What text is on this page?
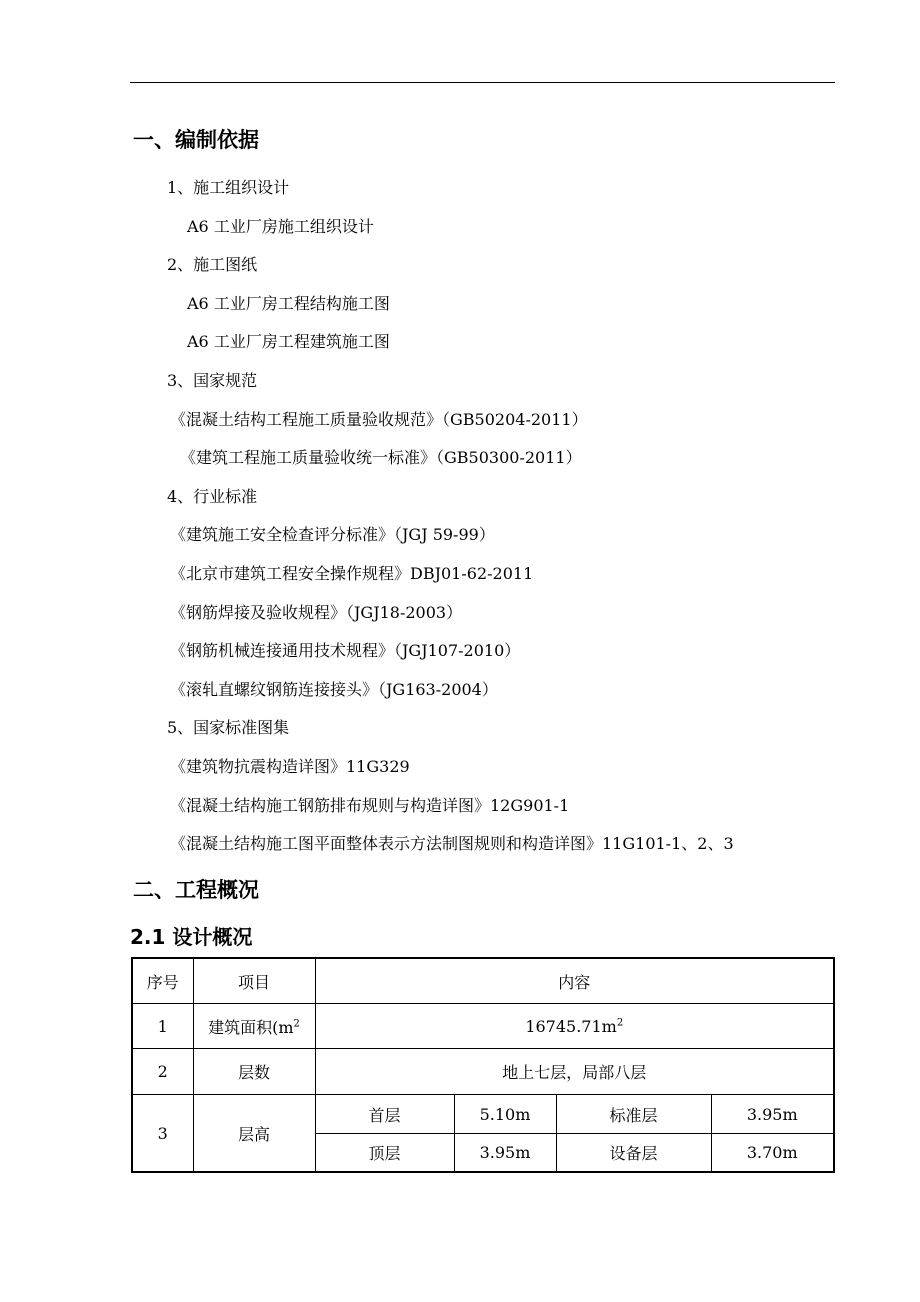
一、编制依据
1、施工组织设计
A6 工业厂房施工组织设计
2、施工图纸
A6 工业厂房工程结构施工图
A6 工业厂房工程建筑施工图
3、国家规范
《混凝土结构工程施工质量验收规范》（GB50204-2011）
《建筑工程施工质量验收统一标准》（GB50300-2011）
4、行业标准
《建筑施工安全检查评分标准》（JGJ 59-99）
《北京市建筑工程安全操作规程》DBJ01-62-2011
《钢筋焊接及验收规程》（JGJ18-2003）
《钢筋机械连接通用技术规程》（JGJ107-2010）
《滚轧直螺纹钢筋连接接头》（JG163-2004）
5、国家标准图集
《建筑物抗震构造详图》11G329
《混凝土结构施工钢筋排布规则与构造详图》12G901-1
《混凝土结构施工图平面整体表示方法制图规则和构造详图》11G101-1、2、3
二、工程概况
2.1 设计概况
序号	项目	内容			
1	建筑面积($m^2$	$16745.71m^2$
2	层数	地上七层，局部八层			
3	层高	首层	5.10m	标准层	3.95m
		顶层	3.95m	设备层	3.70m
